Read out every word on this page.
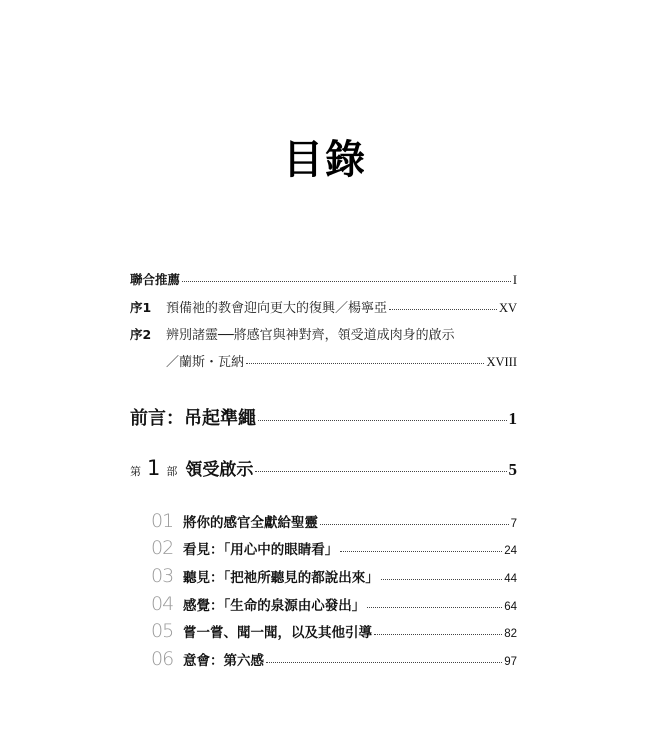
目錄
聯合推薦	I
序1	預備祂的教會迎向更大的復興／楊寧亞	XV
序2	辨別諸靈──將感官與神對齊，領受道成肉身的啟示
／蘭斯・瓦納	XVIII
前言：吊起準繩	1
第 1 部 領受啟示	5
01 將你的感官全獻給聖靈	7
02 看見：「用心中的眼睛看」	24
03 聽見：「把祂所聽見的都說出來」	44
04 感覺：「生命的泉源由心發出」	64
05 嘗一嘗、聞一聞，以及其他引導	82
06 意會：第六感	97
